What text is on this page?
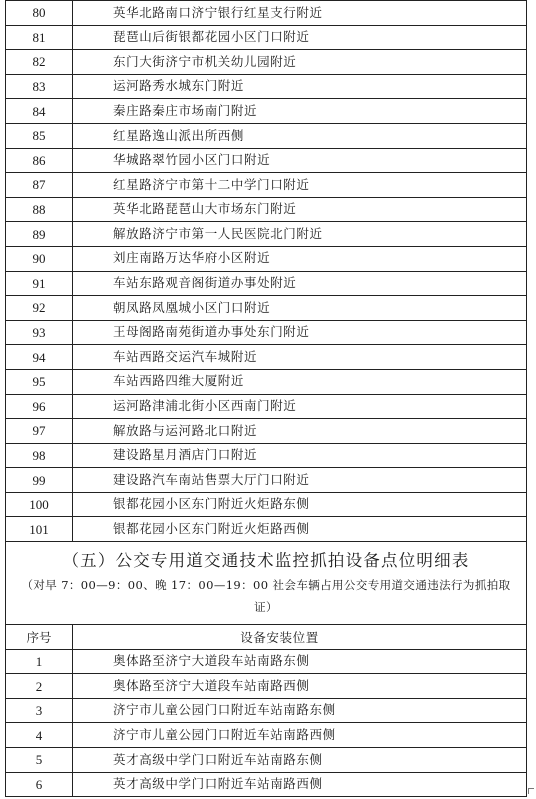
80	英华北路南口济宁银行红星支行附近
81	琵琶山后街银都花园小区门口附近
82	东门大街济宁市机关幼儿园附近
83	运河路秀水城东门附近
84	秦庄路秦庄市场南门附近
85	红星路逸山派出所西侧
86	华城路翠竹园小区门口附近
87	红星路济宁市第十二中学门口附近
88	英华北路琵琶山大市场东门附近
89	解放路济宁市第一人民医院北门附近
90	刘庄南路万达华府小区附近
91	车站东路观音阁街道办事处附近
92	朝凤路凤凰城小区门口附近
93	王母阁路南苑街道办事处东门附近
94	车站西路交运汽车城附近
95	车站西路四维大厦附近
96	运河路津浦北街小区西南门附近
97	解放路与运河路北口附近
98	建设路星月酒店门口附近
99	建设路汽车南站售票大厅门口附近
100	银都花园小区东门附近火炬路东侧
101	银都花园小区东门附近火炬路西侧
（五）公交专用道交通技术监控抓拍设备点位明细表
（对早 7：00—9：00、晚 17：00—19：00 社会车辆占用公交专用道交通违法行为抓拍取证）
序号	设备安装位置
1	奥体路至济宁大道段车站南路东侧
2	奥体路至济宁大道段车站南路西侧
3	济宁市儿童公园门口附近车站南路东侧
4	济宁市儿童公园门口附近车站南路西侧
5	英才高级中学门口附近车站南路东侧
6	英才高级中学门口附近车站南路西侧
